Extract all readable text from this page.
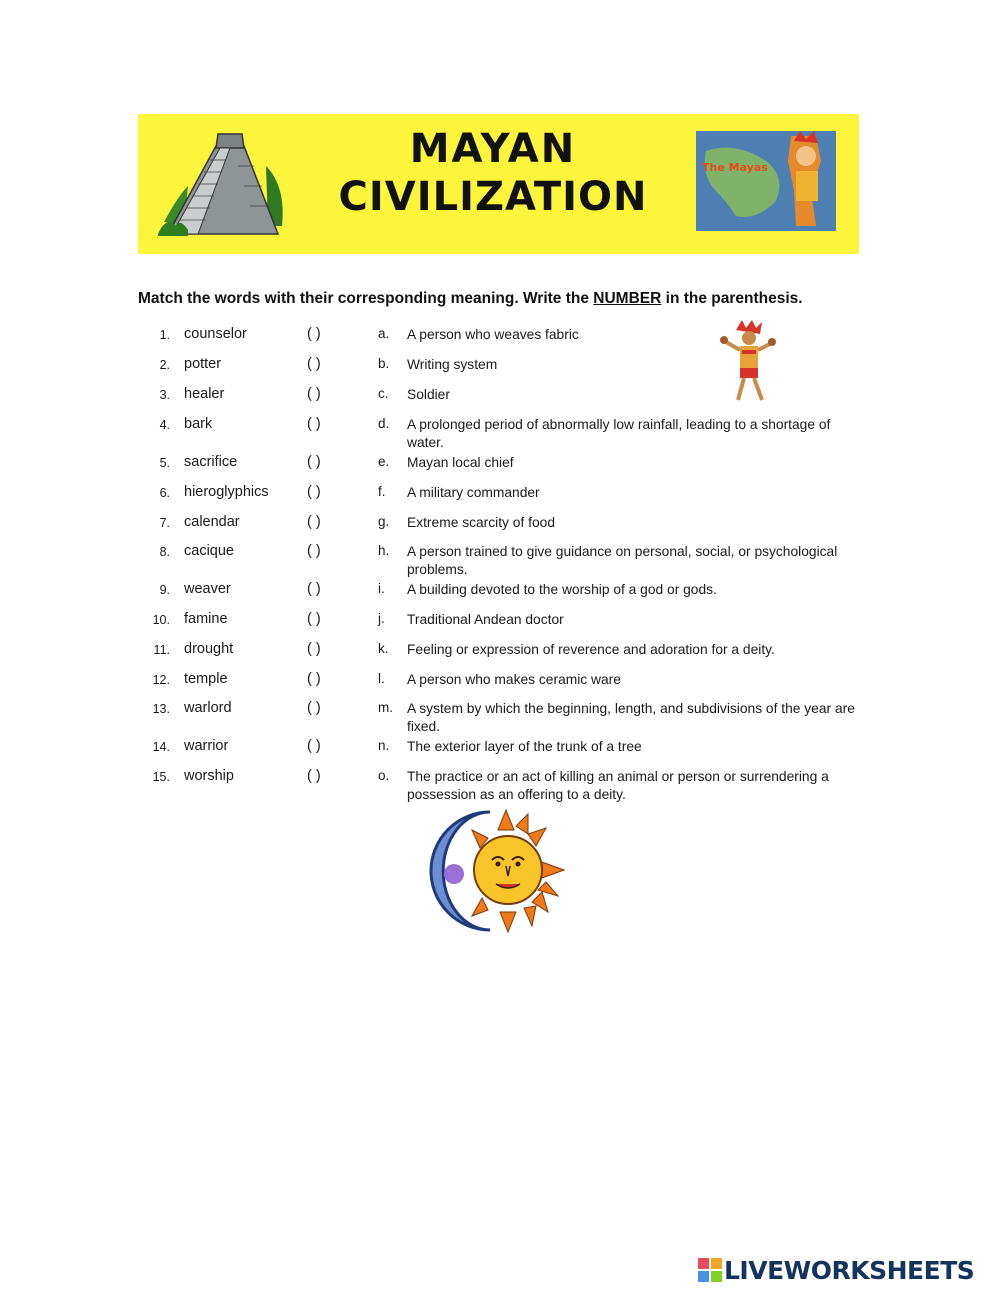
MAYAN
CIVILIZATION
The Mayas
Match the words with their corresponding meaning. Write the NUMBER in the parenthesis.
1. counselor	( )	a. A person who weaves fabric
2. potter	( )	b. Writing system
3. healer	( )	c. Soldier
4. bark	( )	d. A prolonged period of abnormally low rainfall, leading to a shortage of water.
5. sacrifice	( )	e. Mayan local chief
6. hieroglyphics	( )	f. A military commander
7. calendar	( )	g. Extreme scarcity of food
8. cacique	( )	h. A person trained to give guidance on personal, social, or psychological problems.
9. weaver	( )	i. A building devoted to the worship of a god or gods.
10. famine	( )	j. Traditional Andean doctor
11. drought	( )	k. Feeling or expression of reverence and adoration for a deity.
12. temple	( )	l. A person who makes ceramic ware
13. warlord	( )	m. A system by which the beginning, length, and subdivisions of the year are fixed.
14. warrior	( )	n. The exterior layer of the trunk of a tree
15. worship	( )	o. The practice or an act of killing an animal or person or surrendering a possession as an offering to a deity.
LIVEWORKSHEETS
